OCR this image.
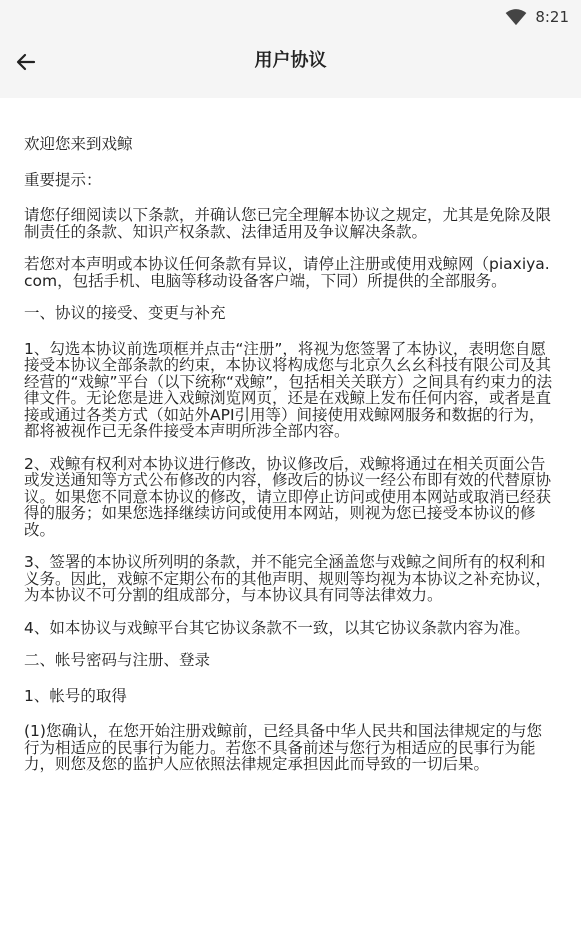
8:21
用户协议

欢迎您来到戏鲸

重要提示：

请您仔细阅读以下条款，并确认您已完全理解本协议之规定，尤其是免除及限制责任的条款、知识产权条款、法律适用及争议解决条款。

若您对本声明或本协议任何条款有异议，请停止注册或使用戏鲸网（piaxiya.com，包括手机、电脑等移动设备客户端，下同）所提供的全部服务。

一、协议的接受、变更与补充

1、勾选本协议前选项框并点击“注册”，将视为您签署了本协议，表明您自愿接受本协议全部条款的约束，本协议将构成您与北京久幺幺科技有限公司及其经营的“戏鲸”平台（以下统称“戏鲸”，包括相关关联方）之间具有约束力的法律文件。无论您是进入戏鲸浏览网页，还是在戏鲸上发布任何内容，或者是直接或通过各类方式（如站外API引用等）间接使用戏鲸网服务和数据的行为，都将被视作已无条件接受本声明所涉全部内容。

2、戏鲸有权利对本协议进行修改，协议修改后，戏鲸将通过在相关页面公告或发送通知等方式公布修改的内容，修改后的协议一经公布即有效的代替原协议。如果您不同意本协议的修改，请立即停止访问或使用本网站或取消已经获得的服务；如果您选择继续访问或使用本网站，则视为您已接受本协议的修改。

3、签署的本协议所列明的条款，并不能完全涵盖您与戏鲸之间所有的权利和义务。因此，戏鲸不定期公布的其他声明、规则等均视为本协议之补充协议，为本协议不可分割的组成部分，与本协议具有同等法律效力。

4、如本协议与戏鲸平台其它协议条款不一致，以其它协议条款内容为准。

二、帐号密码与注册、登录

1、帐号的取得

(1)您确认，在您开始注册戏鲸前，已经具备中华人民共和国法律规定的与您行为相适应的民事行为能力。若您不具备前述与您行为相适应的民事行为能力，则您及您的监护人应依照法律规定承担因此而导致的一切后果。
